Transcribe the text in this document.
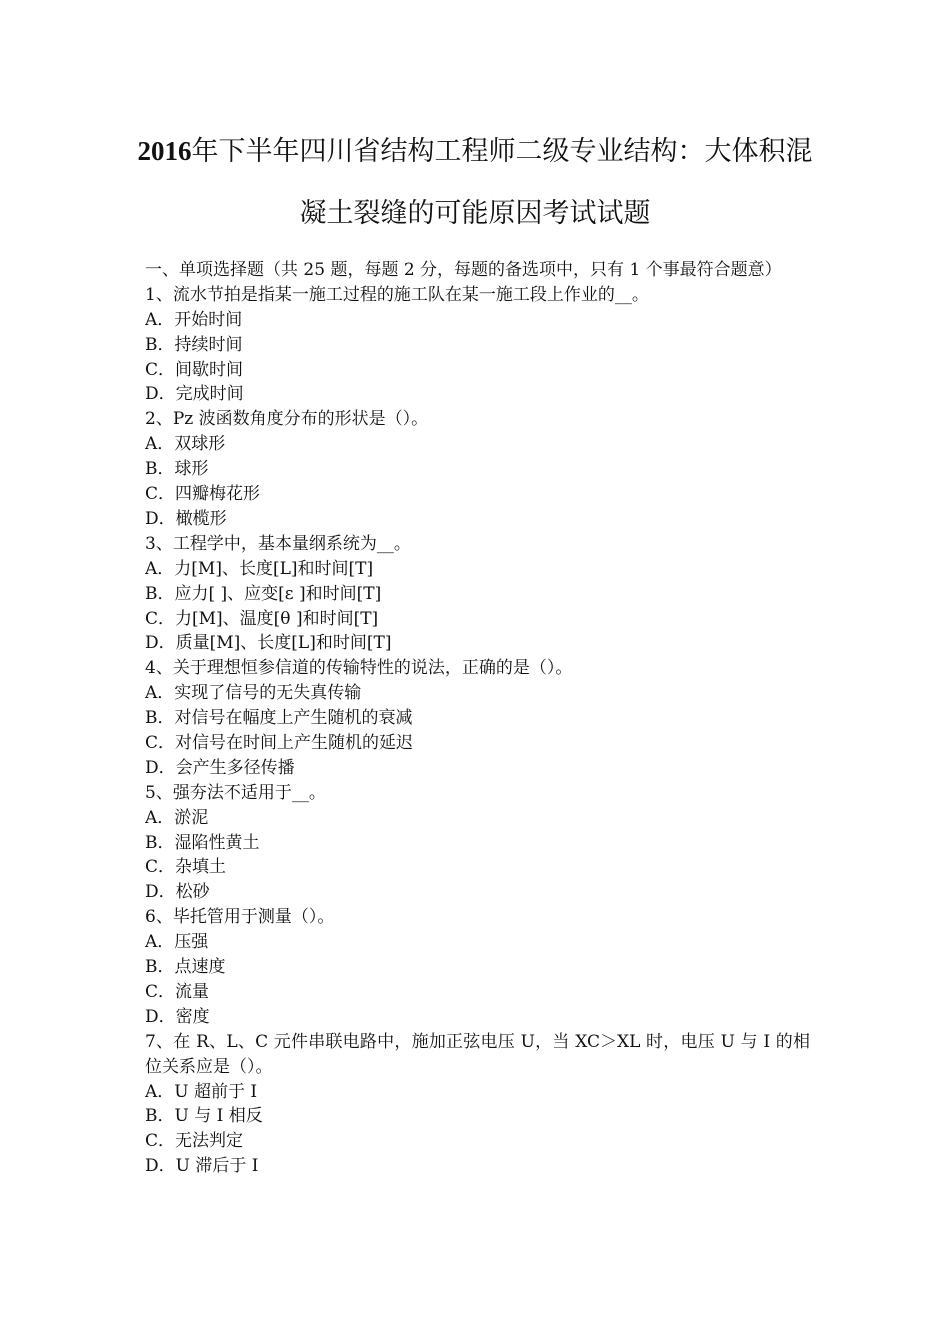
2016年下半年四川省结构工程师二级专业结构：大体积混
凝土裂缝的可能原因考试试题
一、单项选择题（共 25 题，每题 2 分，每题的备选项中，只有 1 个事最符合题意）
1、流水节拍是指某一施工过程的施工队在某一施工段上作业的__。
A．开始时间
B．持续时间
C．间歇时间
D．完成时间
2、Pz 波函数角度分布的形状是（）。
A．双球形
B．球形
C．四瓣梅花形
D．橄榄形
3、工程学中，基本量纲系统为__。
A．力[M]、长度[L]和时间[T]
B．应力[ ]、应变[ε ]和时间[T]
C．力[M]、温度[θ ]和时间[T]
D．质量[M]、长度[L]和时间[T]
4、关于理想恒参信道的传输特性的说法，正确的是（）。
A．实现了信号的无失真传输
B．对信号在幅度上产生随机的衰减
C．对信号在时间上产生随机的延迟
D．会产生多径传播
5、强夯法不适用于__。
A．淤泥
B．湿陷性黄土
C．杂填土
D．松砂
6、毕托管用于测量（）。
A．压强
B．点速度
C．流量
D．密度
7、在 R、L、C 元件串联电路中，施加正弦电压 U，当 XC＞XL 时，电压 U 与 I 的相位关系应是（）。
A．U 超前于 I
B．U 与 I 相反
C．无法判定
D．U 滞后于 I
